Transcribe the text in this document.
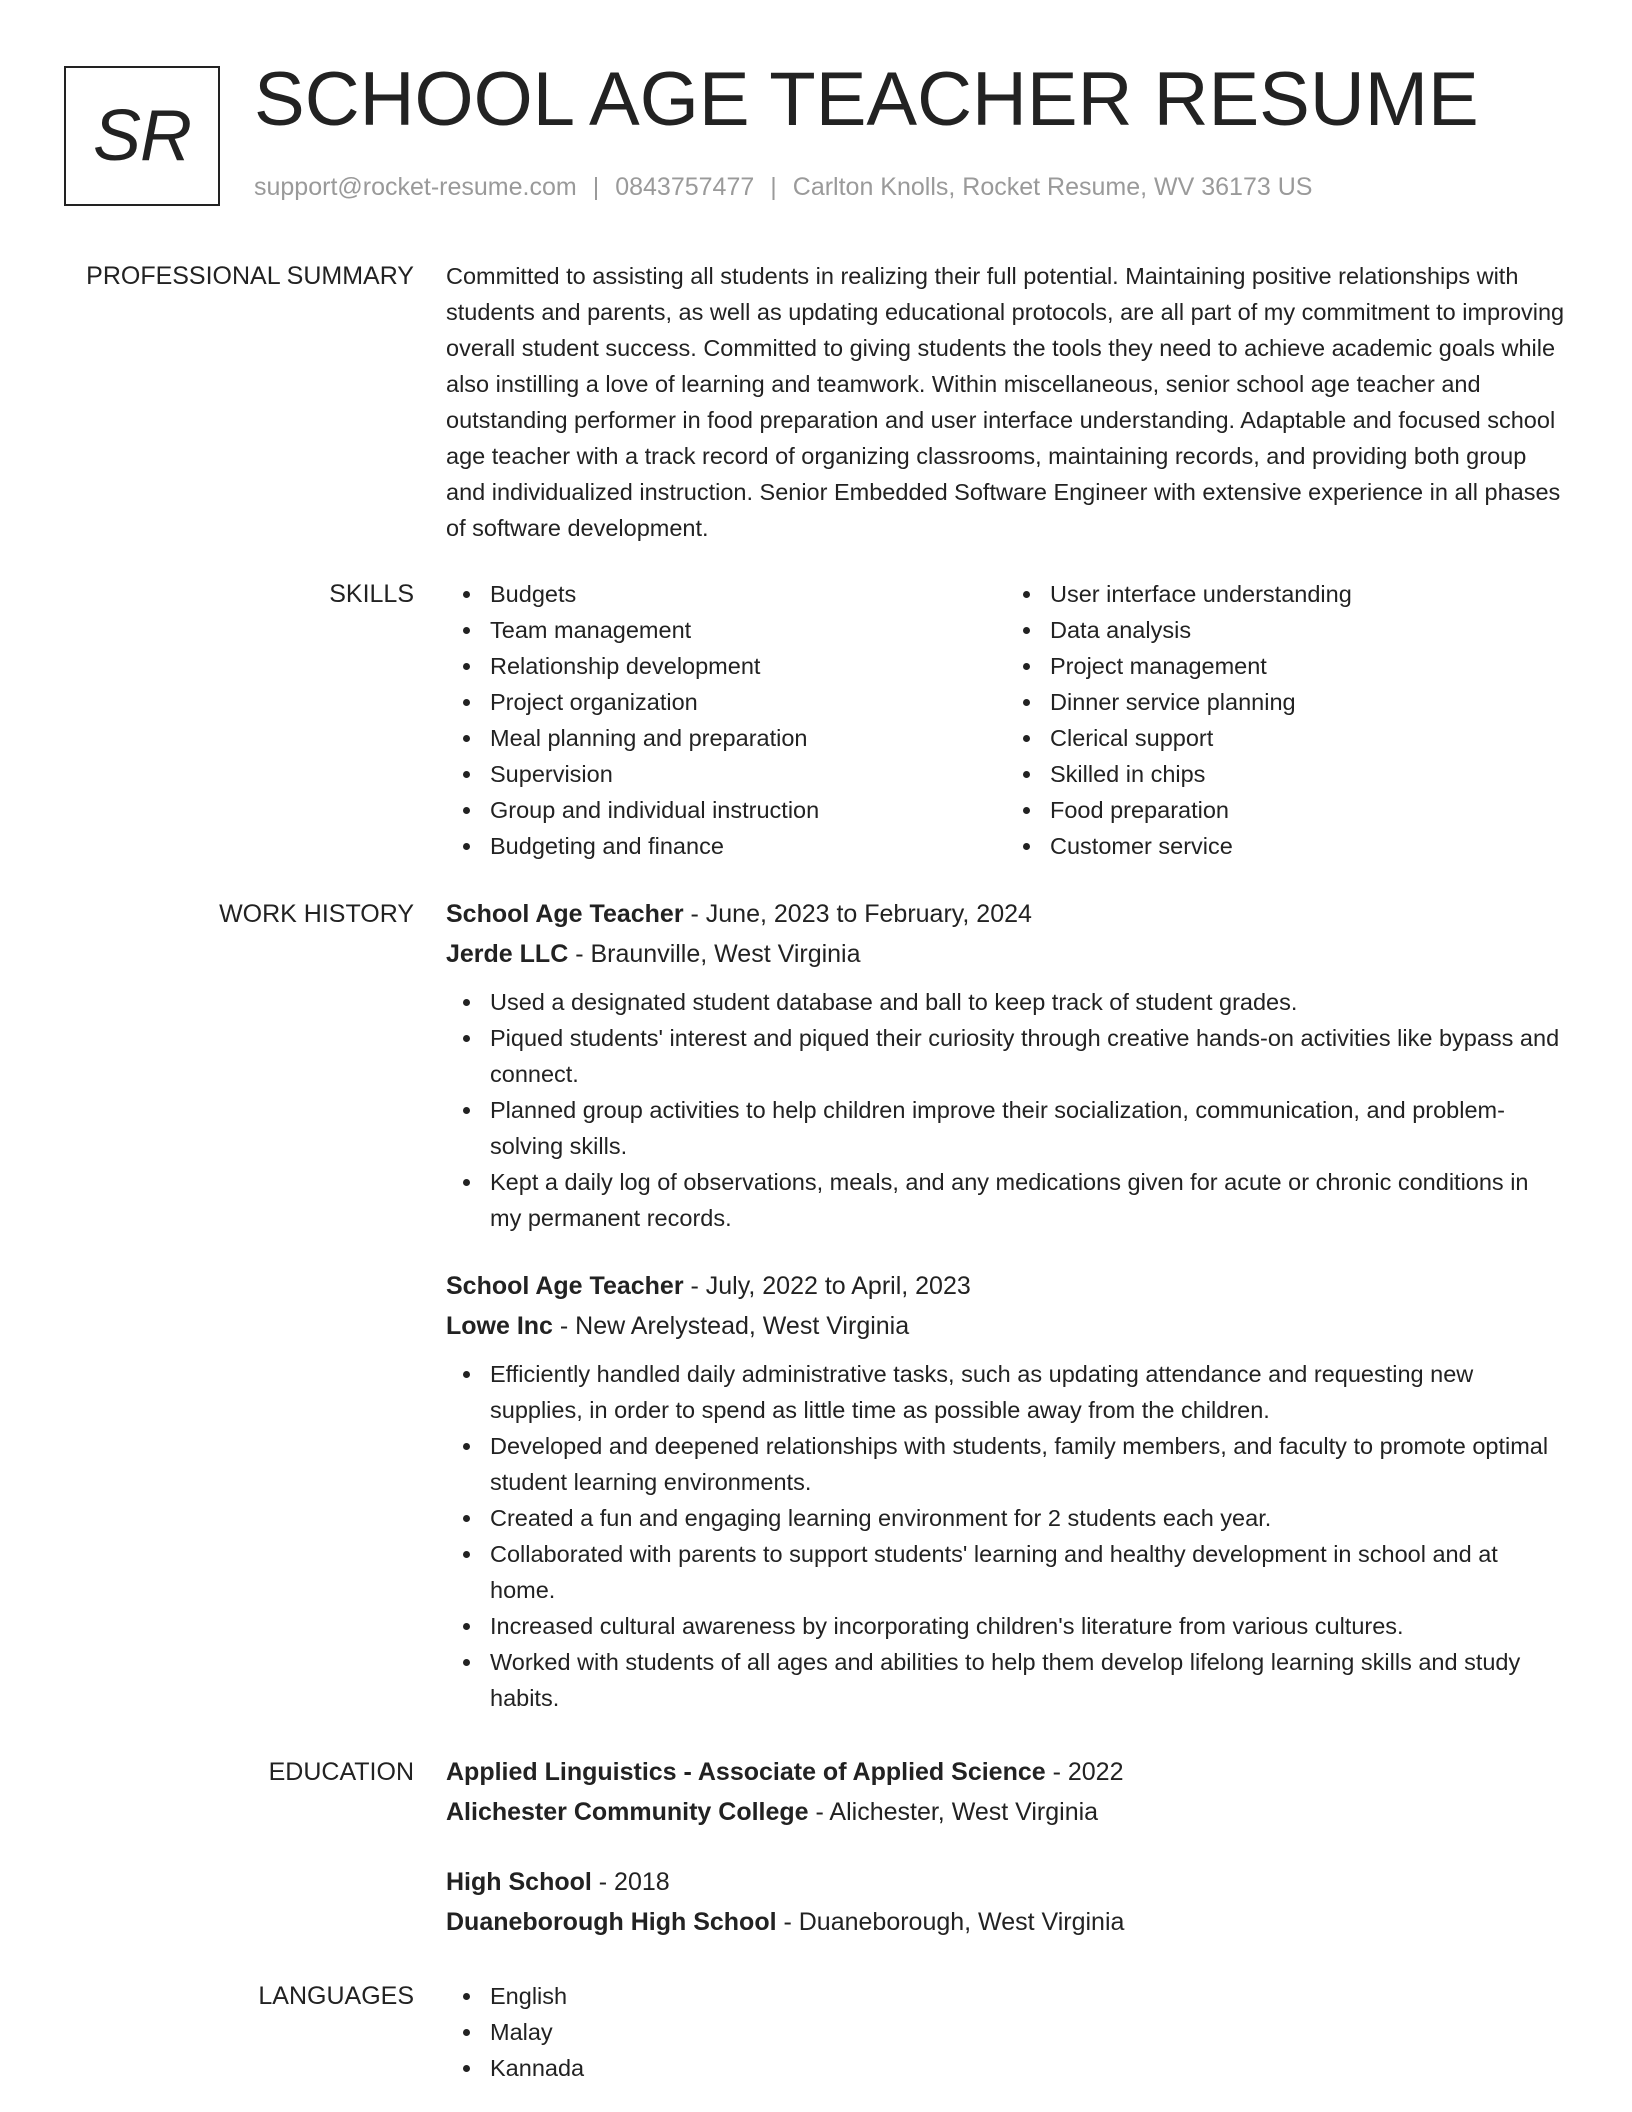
SR SCHOOL AGE TEACHER RESUME
support@rocket-resume.com | 0843757477 | Carlton Knolls, Rocket Resume, WV 36173 US
PROFESSIONAL SUMMARY Committed to assisting all students in realizing their full potential. Maintaining positive relationships with students and parents, as well as updating educational protocols, are all part of my commitment to improving overall student success. Committed to giving students the tools they need to achieve academic goals while also instilling a love of learning and teamwork. Within miscellaneous, senior school age teacher and outstanding performer in food preparation and user interface understanding. Adaptable and focused school age teacher with a track record of organizing classrooms, maintaining records, and providing both group and individualized instruction. Senior Embedded Software Engineer with extensive experience in all phases of software development.

SKILLS	Budgets
Team management
Relationship development
Project organization
Meal planning and preparation
Supervision
Group and individual instruction
Budgeting and finance
User interface understanding
Data analysis
Project management
Dinner service planning
Clerical support
Skilled in chips
Food preparation
Customer service
WORK HISTORY School Age Teacher - June, 2023 to February, 2024
Jerde LLC - Braunville, West Virginia
Used a designated student database and ball to keep track of student grades.
Piqued students' interest and piqued their curiosity through creative hands-on activities like bypass and connect.
Planned group activities to help children improve their socialization, communication, and problem-solving skills.
Kept a daily log of observations, meals, and any medications given for acute or chronic conditions in my permanent records.
School Age Teacher - July, 2022 to April, 2023
Lowe Inc - New Arelystead, West Virginia
Efficiently handled daily administrative tasks, such as updating attendance and requesting new supplies, in order to spend as little time as possible away from the children.
Developed and deepened relationships with students, family members, and faculty to promote optimal student learning environments.
Created a fun and engaging learning environment for 2 students each year.
Collaborated with parents to support students' learning and healthy development in school and at home.
Increased cultural awareness by incorporating children's literature from various cultures.
Worked with students of all ages and abilities to help them develop lifelong learning skills and study habits.
EDUCATION Applied Linguistics - Associate of Applied Science - 2022
Alichester Community College - Alichester, West Virginia
High School - 2018
Duaneborough High School - Duaneborough, West Virginia
LANGUAGES	English
Malay
Kannada
